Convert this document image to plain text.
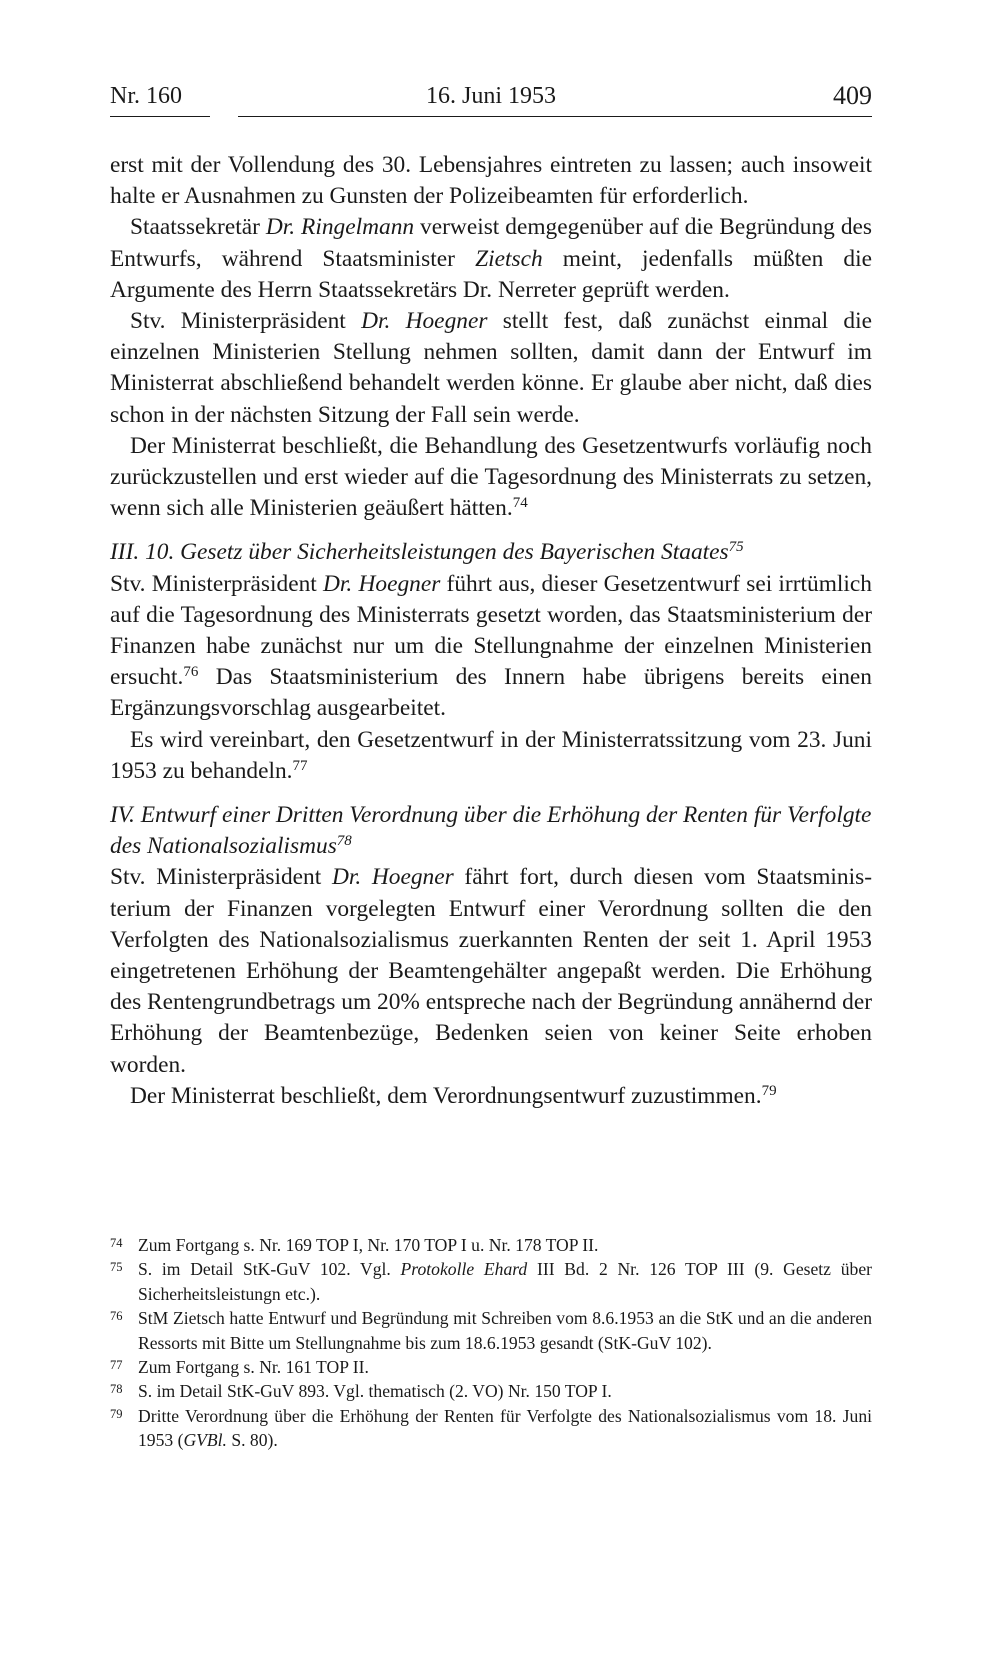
Nr. 160	16. Juni 1953	409

erst mit der Vollendung des 30. Lebensjahres eintreten zu lassen; auch insoweit halte er Ausnahmen zu Gunsten der Polizeibeamten für erforderlich.

Staatssekretär Dr. Ringelmann verweist demgegenüber auf die Begründung des Entwurfs, während Staatsminister Zietsch meint, jedenfalls müßten die Argumente des Herrn Staatssekretärs Dr. Nerreter geprüft werden.

Stv. Ministerpräsident Dr. Hoegner stellt fest, daß zunächst einmal die einzelnen Ministerien Stellung nehmen sollten, damit dann der Entwurf im Ministerrat abschließend behandelt werden könne. Er glaube aber nicht, daß dies schon in der nächsten Sitzung der Fall sein werde.

Der Ministerrat beschließt, die Behandlung des Gesetzentwurfs vorläufig noch zurückzustellen und erst wieder auf die Tagesordnung des Ministerrats zu setzen, wenn sich alle Ministerien geäußert hätten.$^{74}$

III. 10. Gesetz über Sicherheitsleistungen des Bayerischen Staates$^{75}$

Stv. Ministerpräsident Dr. Hoegner führt aus, dieser Gesetzentwurf sei irrtümlich auf die Tagesordnung des Ministerrats gesetzt worden, das Staatsministerium der Finanzen habe zunächst nur um die Stellungnahme der einzelnen Ministerien ersucht.$^{76}$ Das Staatsministerium des Innern habe übrigens bereits einen Ergänzungsvorschlag ausgearbeitet.

Es wird vereinbart, den Gesetzentwurf in der Ministerratssitzung vom 23. Juni 1953 zu behandeln.$^{77}$

IV. Entwurf einer Dritten Verordnung über die Erhöhung der Renten für Verfolgte des Nationalsozialismus$^{78}$

Stv. Ministerpräsident Dr. Hoegner fährt fort, durch diesen vom Staatsministerium der Finanzen vorgelegten Entwurf einer Verordnung sollten die den Verfolgten des Nationalsozialismus zuerkannten Renten der seit 1. April 1953 eingetretenen Erhöhung der Beamtengehälter angepaßt werden. Die Erhöhung des Rentengrundbetrags um 20% entspreche nach der Begründung annähernd der Erhöhung der Beamtenbezüge, Bedenken seien von keiner Seite erhoben worden.

Der Ministerrat beschließt, dem Verordnungsentwurf zuzustimmen.$^{79}$

74 Zum Fortgang s. Nr. 169 TOP I, Nr. 170 TOP I u. Nr. 178 TOP II.

75 S. im Detail StK-GuV 102. Vgl. Protokolle Ehard III Bd. 2 Nr. 126 TOP III (9. Gesetz über Sicherheitsleistungn etc.).

76 StM Zietsch hatte Entwurf und Begründung mit Schreiben vom 8.6.1953 an die StK und an die anderen Ressorts mit Bitte um Stellungnahme bis zum 18.6.1953 gesandt (StK-GuV 102).

77 Zum Fortgang s. Nr. 161 TOP II.

78 S. im Detail StK-GuV 893. Vgl. thematisch (2. VO) Nr. 150 TOP I.

79 Dritte Verordnung über die Erhöhung der Renten für Verfolgte des Nationalsozialismus vom 18. Juni 1953 (GVBl. S. 80).
